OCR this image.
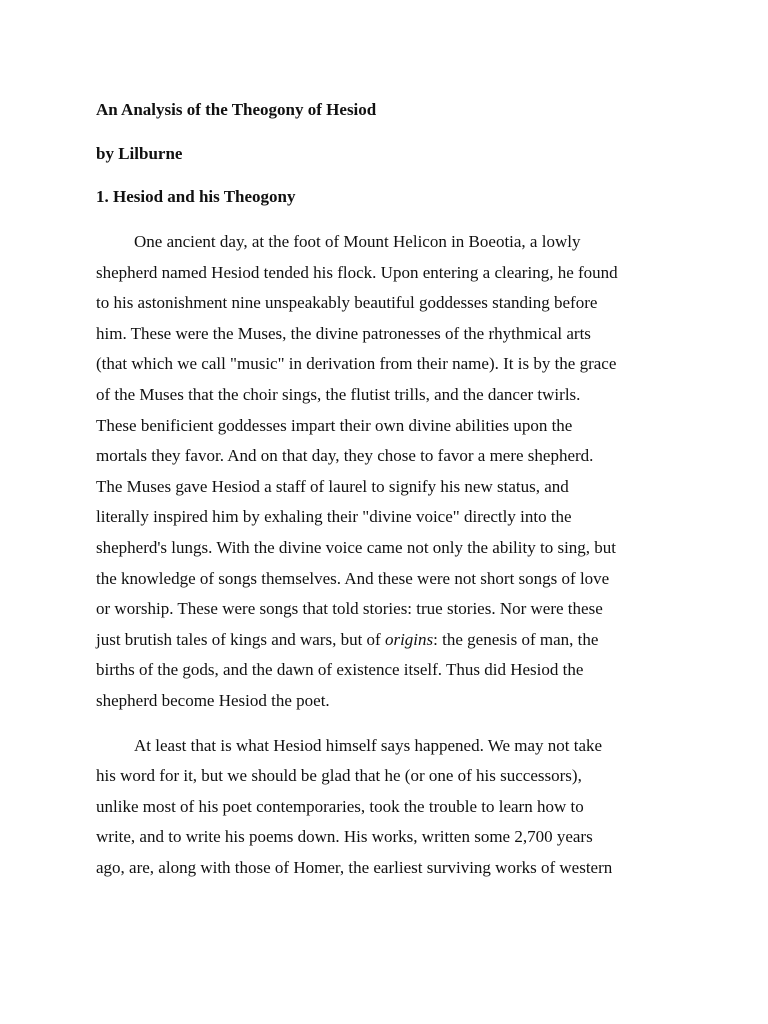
An Analysis of the Theogony of Hesiod

by Lilburne

1. Hesiod and his Theogony

One ancient day, at the foot of Mount Helicon in Boeotia, a lowly
shepherd named Hesiod tended his flock. Upon entering a clearing, he found
to his astonishment nine unspeakably beautiful goddesses standing before
him. These were the Muses, the divine patronesses of the rhythmical arts
(that which we call "music" in derivation from their name). It is by the grace
of the Muses that the choir sings, the flutist trills, and the dancer twirls.
These benificient goddesses impart their own divine abilities upon the
mortals they favor. And on that day, they chose to favor a mere shepherd.
The Muses gave Hesiod a staff of laurel to signify his new status, and
literally inspired him by exhaling their "divine voice" directly into the
shepherd's lungs. With the divine voice came not only the ability to sing, but
the knowledge of songs themselves. And these were not short songs of love
or worship. These were songs that told stories: true stories. Nor were these
just brutish tales of kings and wars, but of origins: the genesis of man, the
births of the gods, and the dawn of existence itself. Thus did Hesiod the
shepherd become Hesiod the poet.
At least that is what Hesiod himself says happened. We may not take
his word for it, but we should be glad that he (or one of his successors),
unlike most of his poet contemporaries, took the trouble to learn how to
write, and to write his poems down. His works, written some 2,700 years
ago, are, along with those of Homer, the earliest surviving works of western
